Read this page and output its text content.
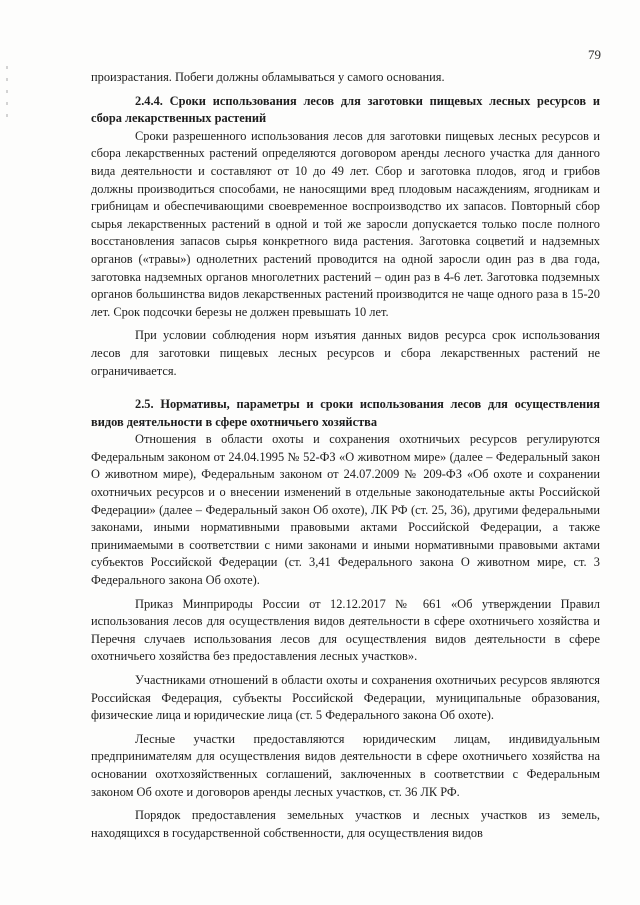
79

произрастания. Побеги должны обламываться у самого основания.

2.4.4. Сроки использования лесов для заготовки пищевых лесных ресурсов и сбора лекарственных растений

Сроки разрешенного использования лесов для заготовки пищевых лесных ресурсов и сбора лекарственных растений определяются договором аренды лесного участка для данного вида деятельности и составляют от 10 до 49 лет. Сбор и заготовка плодов, ягод и грибов должны производиться способами, не наносящими вред плодовым насаждениям, ягодникам и грибницам и обеспечивающими своевременное воспроизводство их запасов. Повторный сбор сырья лекарственных растений в одной и той же заросли допускается только после полного восстановления запасов сырья конкретного вида растения. Заготовка соцветий и надземных органов («травы») однолетних растений проводится на одной заросли один раз в два года, заготовка надземных органов многолетних растений – один раз в 4-6 лет. Заготовка подземных органов большинства видов лекарственных растений производится не чаще одного раза в 15-20 лет. Срок подсочки березы не должен превышать 10 лет.

При условии соблюдения норм изъятия данных видов ресурса срок использования лесов для заготовки пищевых лесных ресурсов и сбора лекарственных растений не ограничивается.

2.5. Нормативы, параметры и сроки использования лесов для осуществления видов деятельности в сфере охотничьего хозяйства

Отношения в области охоты и сохранения охотничьих ресурсов регулируются Федеральным законом от 24.04.1995 № 52-ФЗ «О животном мире» (далее – Федеральный закон О животном мире), Федеральным законом от 24.07.2009 № 209-ФЗ «Об охоте и сохранении охотничьих ресурсов и о внесении изменений в отдельные законодательные акты Российской Федерации» (далее – Федеральный закон Об охоте), ЛК РФ (ст. 25, 36), другими федеральными законами, иными нормативными правовыми актами Российской Федерации, а также принимаемыми в соответствии с ними законами и иными нормативными правовыми актами субъектов Российской Федерации (ст. 3,41 Федерального закона О животном мире, ст. 3 Федерального закона Об охоте).

Приказ Минприроды России от 12.12.2017 № 661 «Об утверждении Правил использования лесов для осуществления видов деятельности в сфере охотничьего хозяйства и Перечня случаев использования лесов для осуществления видов деятельности в сфере охотничьего хозяйства без предоставления лесных участков».

Участниками отношений в области охоты и сохранения охотничьих ресурсов являются Российская Федерация, субъекты Российской Федерации, муниципальные образования, физические лица и юридические лица (ст. 5 Федерального закона Об охоте).

Лесные участки предоставляются юридическим лицам, индивидуальным предпринимателям для осуществления видов деятельности в сфере охотничьего хозяйства на основании охотхозяйственных соглашений, заключенных в соответствии с Федеральным законом Об охоте и договоров аренды лесных участков, ст. 36 ЛК РФ.

Порядок предоставления земельных участков и лесных участков из земель, находящихся в государственной собственности, для осуществления видов
